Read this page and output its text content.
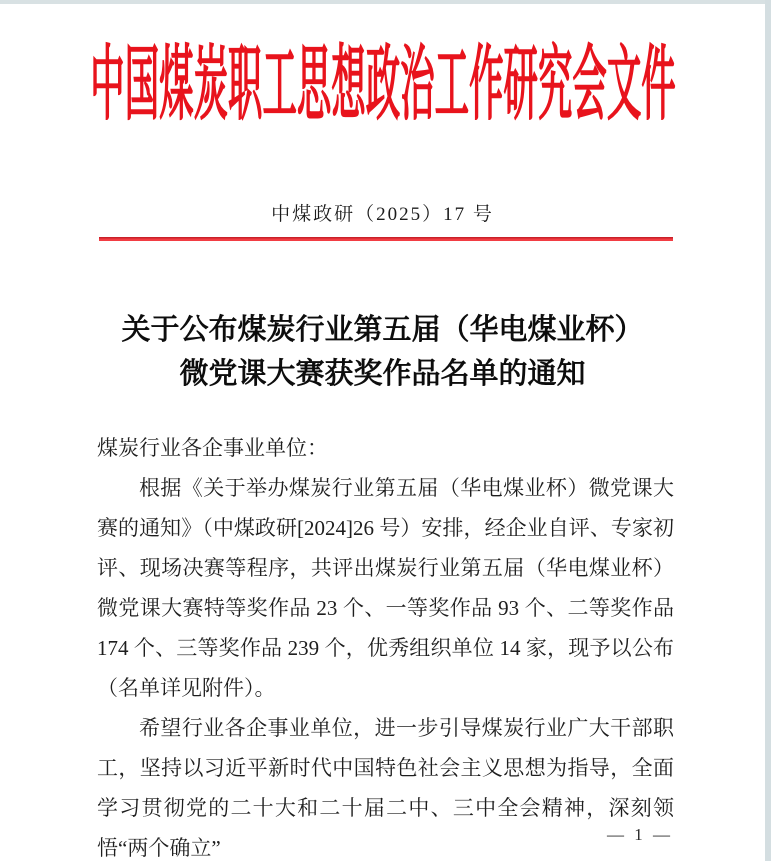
中国煤炭职工思想政治工作研究会文件
中煤政研（2025）17 号
关于公布煤炭行业第五届（华电煤业杯）
微党课大赛获奖作品名单的通知

煤炭行业各企事业单位：

根据《关于举办煤炭行业第五届（华电煤业杯）微党课大赛的通知》（中煤政研[2024]26 号）安排，经企业自评、专家初评、现场决赛等程序，共评出煤炭行业第五届（华电煤业杯）微党课大赛特等奖作品 23 个、一等奖作品 93 个、二等奖作品 174 个、三等奖作品 239 个，优秀组织单位 14 家，现予以公布（名单详见附件）。

希望行业各企事业单位，进一步引导煤炭行业广大干部职工，坚持以习近平新时代中国特色社会主义思想为指导，全面学习贯彻党的二十大和二十届二中、三中全会精神，深刻领悟“两个确立”

— 1 —
